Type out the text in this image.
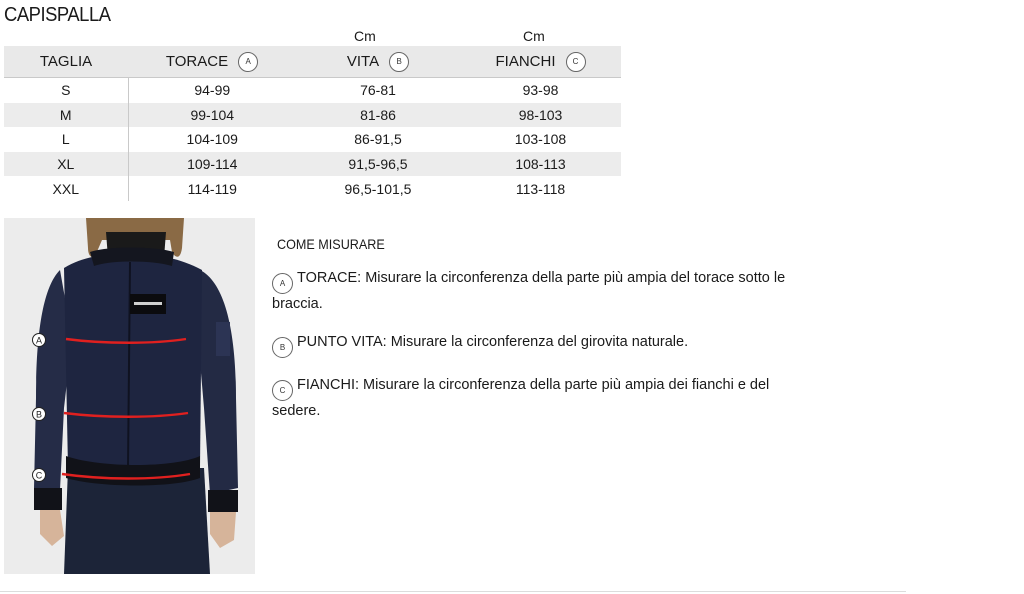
CAPISPALLA
Cm	Cm
TAGLIA	TORACE A	VITA B	FIANCHI C

S	94-99	76-81	93-98
M	99-104	81-86	98-103
L	104-109	86-91,5	103-108
XL	109-114	91,5-96,5	108-113
XXL	114-119	96,5-101,5	113-118
A
B
C
COME MISURARE

A TORACE: Misurare la circonferenza della parte più ampia del torace sotto le braccia.

B PUNTO VITA: Misurare la circonferenza del girovita naturale.

C FIANCHI: Misurare la circonferenza della parte più ampia dei fianchi e del sedere.
